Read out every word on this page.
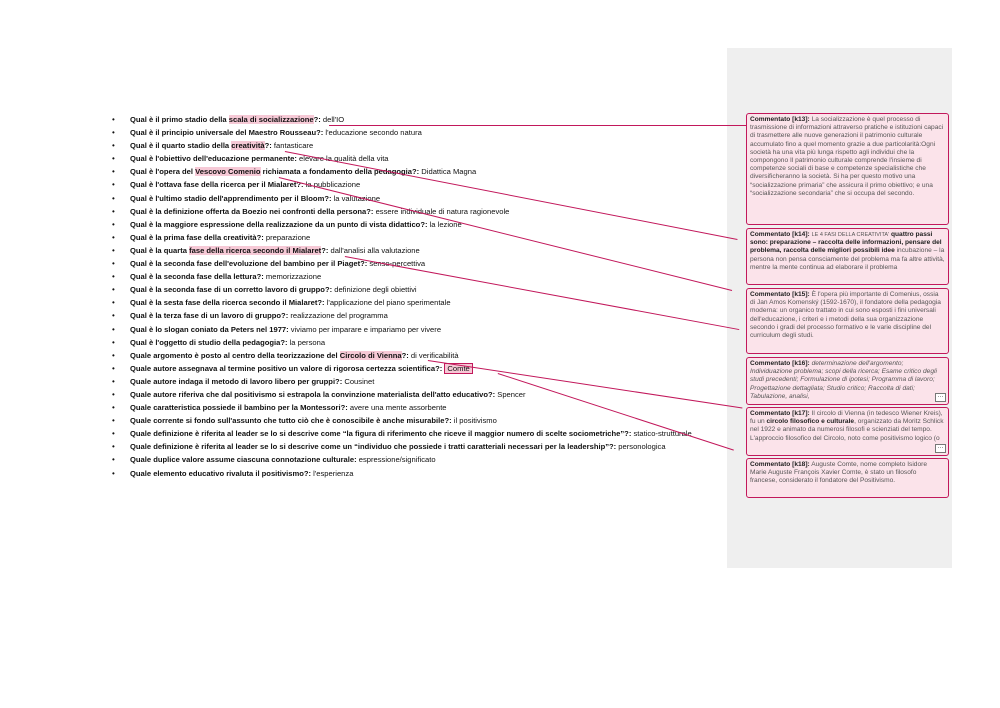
• Qual è il primo stadio della scala di socializzazione?: dell'IO
• Qual è il principio universale del Maestro Rousseau?: l'educazione secondo natura
• Qual è il quarto stadio della creatività?: fantasticare
• Qual è l'obiettivo dell'educazione permanente: elevare la qualità della vita
• Qual è l'opera del Vescovo Comenio richiamata a fondamento della pedagogia?: Didattica Magna
• Qual è l'ottava fase della ricerca per il Mialaret?: la pubblicazione
• Qual è l'ultimo stadio dell'apprendimento per il Bloom?: la valutazione
• Qual è la definizione offerta da Boezio nei confronti della persona?: essere individuale di natura ragionevole
• Qual è la maggiore espressione della realizzazione da un punto di vista didattico?: la lezione
• Qual è la prima fase della creatività?: preparazione
• Qual è la quarta fase della ricerca secondo il Mialaret?: dall'analisi alla valutazione
• Qual è la seconda fase dell'evoluzione del bambino per il Piaget?: senso-percettiva
• Qual è la seconda fase della lettura?: memorizzazione
• Qual è la seconda fase di un corretto lavoro di gruppo?: definizione degli obiettivi
• Qual è la sesta fase della ricerca secondo il Mialaret?: l'applicazione del piano sperimentale
• Qual è la terza fase di un lavoro di gruppo?: realizzazione del programma
• Qual è lo slogan coniato da Peters nel 1977: viviamo per imparare e impariamo per vivere
• Qual è l'oggetto di studio della pedagogia?: la persona
• Quale argomento è posto al centro della teorizzazione del Circolo di Vienna?: di verificabilità
• Quale autore assegnava al termine positivo un valore di rigorosa certezza scientifica?: Comte
• Quale autore indaga il metodo di lavoro libero per gruppi?: Cousinet
• Quale autore riferiva che dal positivismo si estrapola la convinzione materialista dell'atto educativo?: Spencer
• Quale caratteristica possiede il bambino per la Montessori?: avere una mente assorbente
• Quale corrente si fondo sull'assunto che tutto ciò che è conoscibile è anche misurabile?: il positivismo
• Quale definizione è riferita al leader se lo si descrive come “la figura di riferimento che riceve il maggior numero di scelte sociometriche”?: statico-strutturale
• Quale definizione è riferita al leader se lo si descrive come un “individuo che possiede i tratti caratteriali necessari per la leadership”?: personologica
• Quale duplice valore assume ciascuna connotazione culturale: espressione/significato
• Quale elemento educativo rivaluta il positivismo?: l'esperienza
Commentato [k13]: La socializzazione è quel processo di trasmissione di informazioni attraverso pratiche e istituzioni capaci di trasmettere alle nuove generazioni il patrimonio culturale accumulato fino a quel momento grazie a due particolarità:Ogni società ha una vita più lunga rispetto agli individui che la compongono Il patrimonio culturale comprende l'insieme di competenze sociali di base e competenze specialistiche che diversificheranno la società. Si ha per questo motivo una “socializzazione primaria” che assicura il primo obiettivo; e una “socializzazione secondaria” che si occupa del secondo.
Commentato [k14]: LE 4 FASI DELLA CREATIVITA' quattro passi sono: preparazione – raccolta delle informazioni, pensare del problema, raccolta delle migliori possibili idee incubazione – la persona non pensa consciamente del problema ma fa altre attività, mentre la mente continua ad elaborare il problema
Commentato [k15]: È l'opera più importante di Comenius, ossia di Jan Amos Komenský (1592-1670), il fondatore della pedagogia moderna: un organico trattato in cui sono esposti i fini universali dell'educazione, i criteri e i metodi della sua organizzazione secondo i gradi del processo formativo e le varie discipline del curriculum degli studi.
Commentato [k16]: determinazione dell'argomento; Individuazione problema; scopi della ricerca; Esame critico degli studi precedenti; Formulazione di ipotesi; Programma di lavoro; Progettazione dettagliata; Studio critico; Raccolta di dati; Tabulazione, analisi,	…
Commentato [k17]: Il circolo di Vienna (in tedesco Wiener Kreis), fu un circolo filosofico e culturale, organizzato da Moritz Schlick nel 1922 e animato da numerosi filosofi e scienziati del tempo. L'approccio filosofico del Circolo, noto come positivismo logico (o
…
Commentato [k18]: Auguste Comte, nome completo Isidore Marie Auguste François Xavier Comte, è stato un filosofo francese, considerato il fondatore del Positivismo.
